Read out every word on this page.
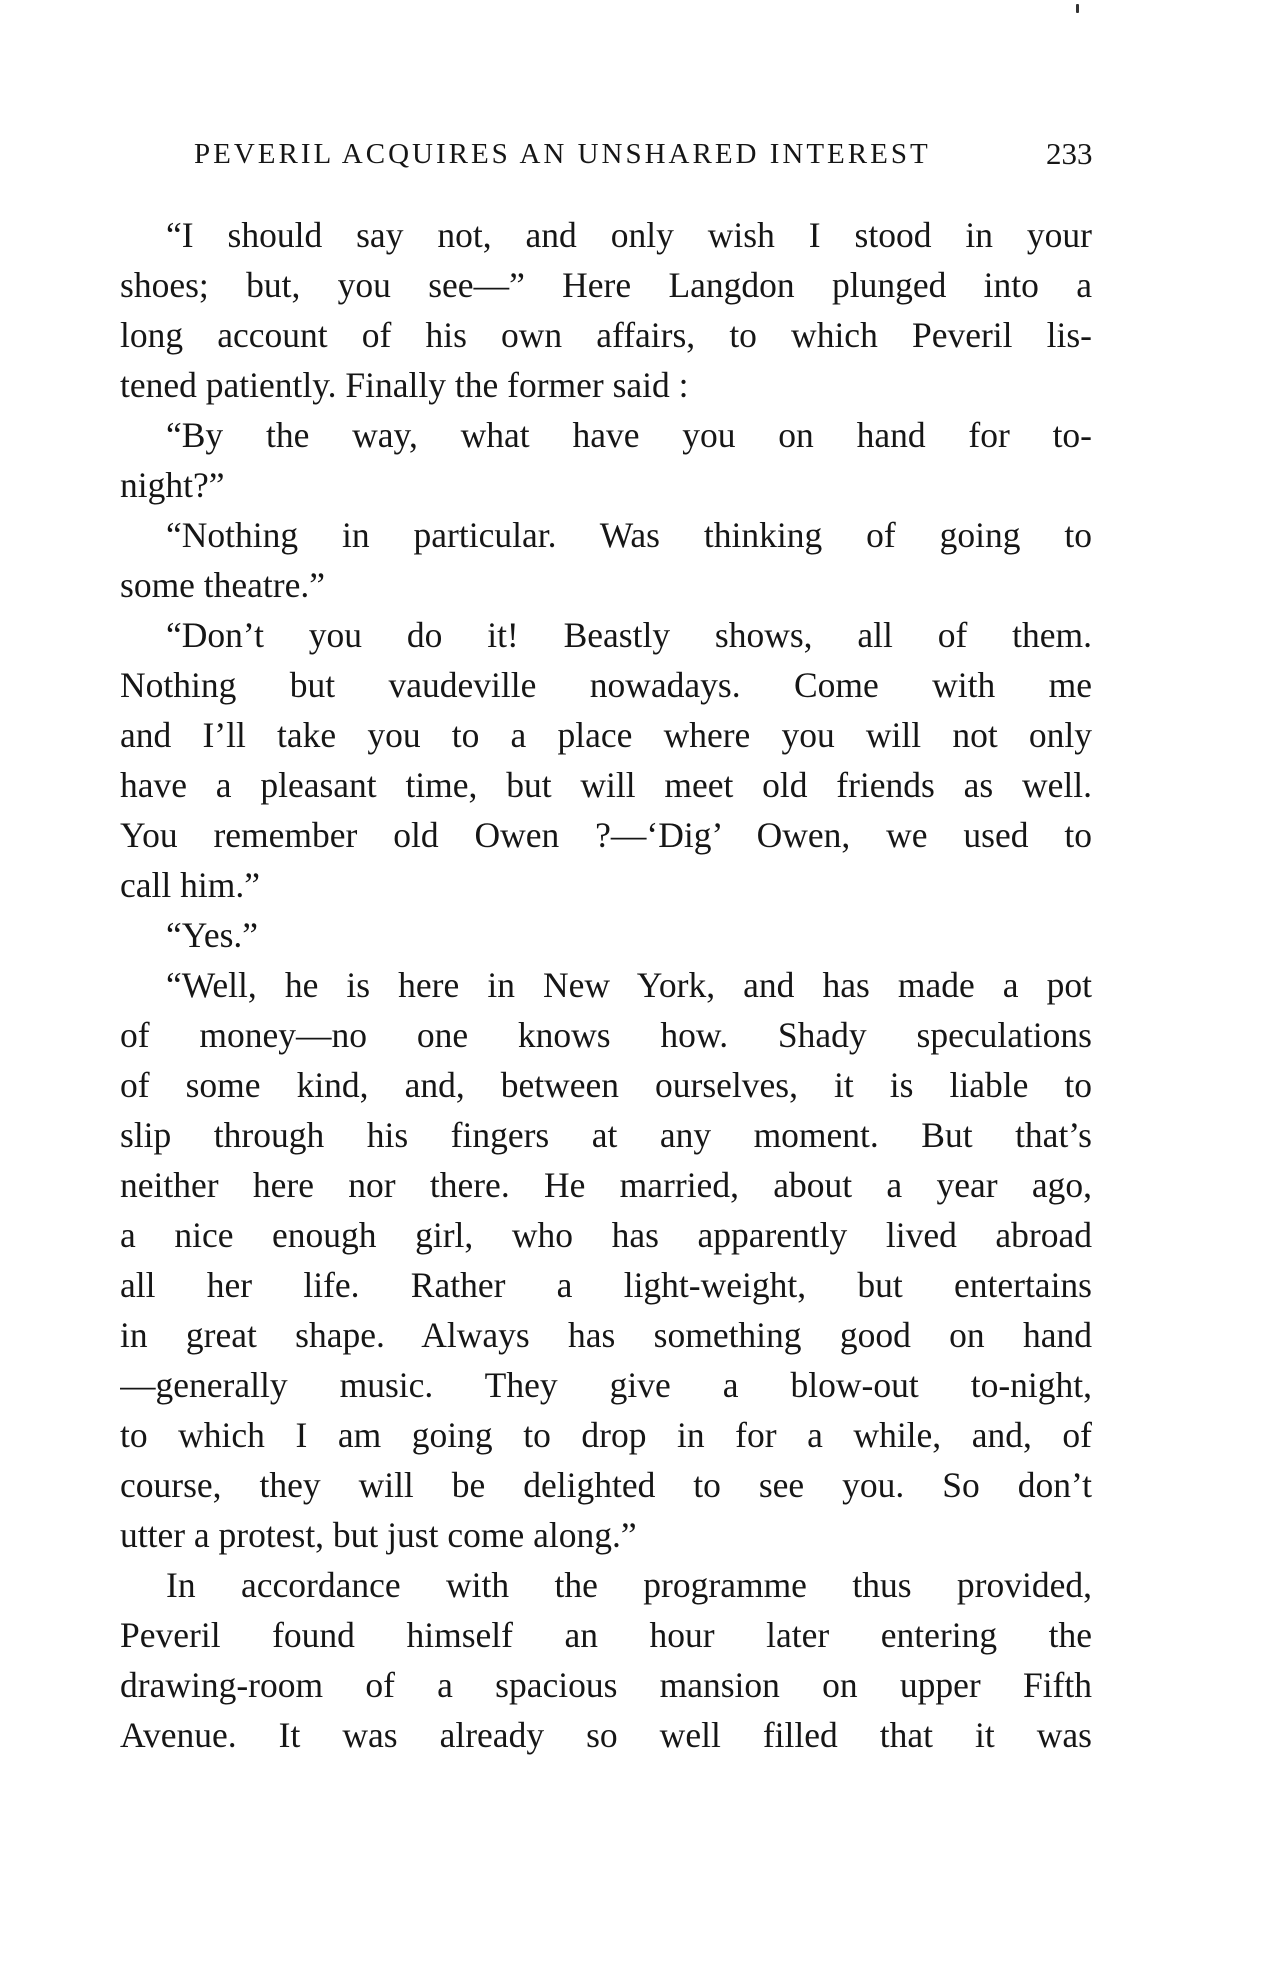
PEVERIL ACQUIRES AN UNSHARED INTEREST	233
“I should say not, and only wish I stood in your
shoes; but, you see—” Here Langdon plunged into a
long account of his own affairs, to which Peveril lis-
tened patiently. Finally the former said :
“By the way, what have you on hand for to-
night?”
“Nothing in particular. Was thinking of going to
some theatre.”
“Don’t you do it! Beastly shows, all of them.
Nothing but vaudeville nowadays. Come with me
and I’ll take you to a place where you will not only
have a pleasant time, but will meet old friends as well.
You remember old Owen ?—‘Dig’ Owen, we used to
call him.”
“Yes.”
“Well, he is here in New York, and has made a pot
of money—no one knows how. Shady speculations
of some kind, and, between ourselves, it is liable to
slip through his fingers at any moment. But that’s
neither here nor there. He married, about a year ago,
a nice enough girl, who has apparently lived abroad
all her life. Rather a light-weight, but entertains
in great shape. Always has something good on hand
—generally music. They give a blow-out to-night,
to which I am going to drop in for a while, and, of
course, they will be delighted to see you. So don’t
utter a protest, but just come along.”
In accordance with the programme thus provided,
Peveril found himself an hour later entering the
drawing-room of a spacious mansion on upper Fifth
Avenue. It was already so well filled that it was
